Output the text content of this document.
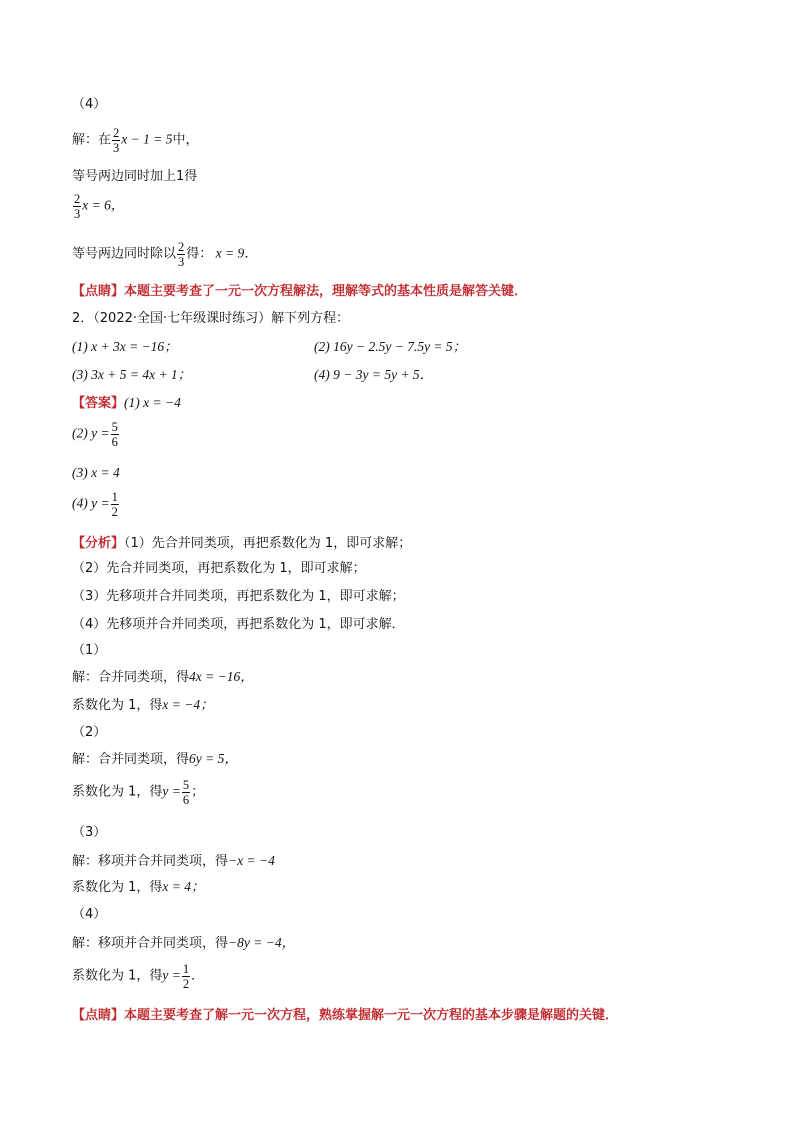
（4）
解：在 $\frac{2}{3}$ x − 1 = 5中，
等号两边同时加上1得
$\frac{2}{3}$ x = 6，
等号两边同时除以 $\frac{2}{3}$ 得： x = 9．
【点睛】本题主要考查了一元一次方程解法，理解等式的基本性质是解答关键．
2．（2022·全国·七年级课时练习）解下列方程：
(1) x + 3x = −16；	(2) 16y − 2.5y − 7.5y = 5；
(3) 3x + 5 = 4x + 1；	(4) 9 − 3y = 5y + 5．
【答案】(1) x = −4
(2) $y = \frac{5}{6}$
(3) x = 4
(4) $y = \frac{1}{2}$
【分析】（1）先合并同类项，再把系数化为 1，即可求解；
（2）先合并同类项，再把系数化为 1，即可求解；
（3）先移项并合并同类项，再把系数化为 1，即可求解；
（4）先移项并合并同类项，再把系数化为 1，即可求解．
（1）
解：合并同类项，得4x = −16，
系数化为 1，得x = −4；
（2）
解：合并同类项，得6y = 5，
系数化为 1，得$y = \frac{5}{6}$ ；
（3）
解：移项并合并同类项，得−x = −4
系数化为 1，得x = 4；
（4）
解：移项并合并同类项，得−8y = −4，
系数化为 1，得$y = \frac{1}{2}$ ．
【点睛】本题主要考查了解一元一次方程，熟练掌握解一元一次方程的基本步骤是解题的关键．
